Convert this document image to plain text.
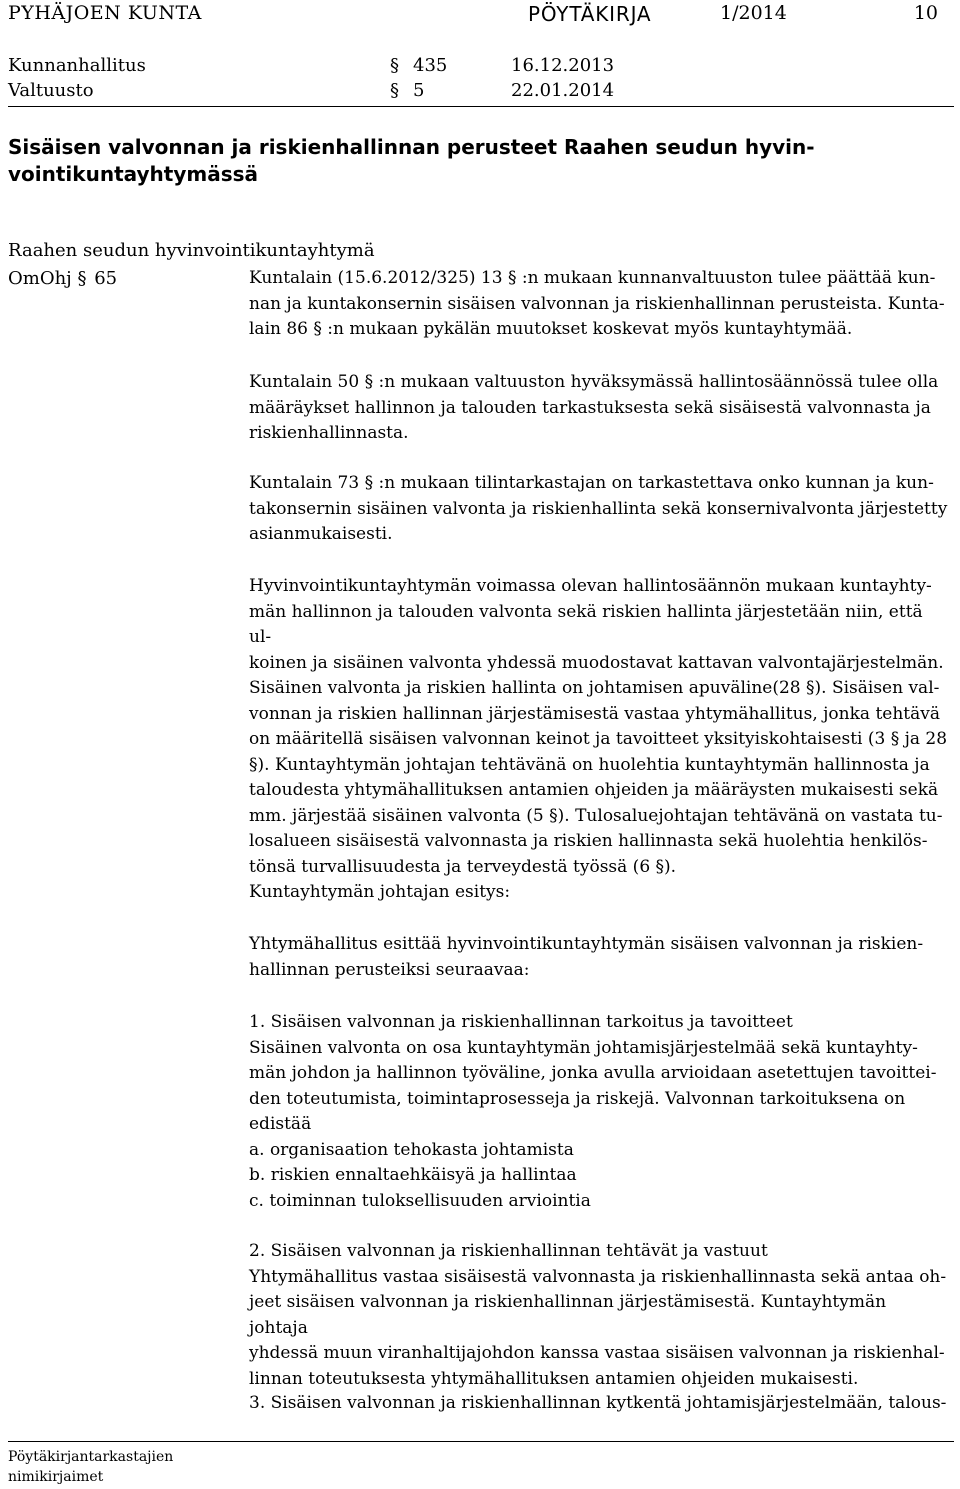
PYHÄJOEN KUNTA	PÖYTÄKIRJA	1/2014	10
Kunnanhallitus	§ 435	16.12.2013
Valtuusto	§ 5	22.01.2014
Sisäisen valvonnan ja riskienhallinnan perusteet Raahen seudun hyvin-
vointikuntayhtymässä
Raahen seudun hyvinvointikuntayhtymä
OmOhj § 65	Kuntalain (15.6.2012/325) 13 § :n mukaan kunnanvaltuuston tulee päättää kun-
nan ja kuntakonsernin sisäisen valvonnan ja riskienhallinnan perusteista. Kunta-
lain 86 § :n mukaan pykälän muutokset koskevat myös kuntayhtymää.

Kuntalain 50 § :n mukaan valtuuston hyväksymässä hallintosäännössä tulee olla
määräykset hallinnon ja talouden tarkastuksesta sekä sisäisestä valvonnasta ja
riskienhallinnasta.

Kuntalain 73 § :n mukaan tilintarkastajan on tarkastettava onko kunnan ja kun-
takonsernin sisäinen valvonta ja riskienhallinta sekä konsernivalvonta järjestetty
asianmukaisesti.

Hyvinvointikuntayhtymän voimassa olevan hallintosäännön mukaan kuntayhty-
män hallinnon ja talouden valvonta sekä riskien hallinta järjestetään niin, että ul-
koinen ja sisäinen valvonta yhdessä muodostavat kattavan valvontajärjestelmän.
Sisäinen valvonta ja riskien hallinta on johtamisen apuväline(28 §). Sisäisen val-
vonnan ja riskien hallinnan järjestämisestä vastaa yhtymähallitus, jonka tehtävä
on määritellä sisäisen valvonnan keinot ja tavoitteet yksityiskohtaisesti (3 § ja 28
§). Kuntayhtymän johtajan tehtävänä on huolehtia kuntayhtymän hallinnosta ja
taloudesta yhtymähallituksen antamien ohjeiden ja määräysten mukaisesti sekä
mm. järjestää sisäinen valvonta (5 §). Tulosaluejohtajan tehtävänä on vastata tu-
losalueen sisäisestä valvonnasta ja riskien hallinnasta sekä huolehtia henkilös-
tönsä turvallisuudesta ja terveydestä työssä (6 §).

Kuntayhtymän johtajan esitys:

Yhtymähallitus esittää hyvinvointikuntayhtymän sisäisen valvonnan ja riskien-
hallinnan perusteiksi seuraavaa:

1. Sisäisen valvonnan ja riskienhallinnan tarkoitus ja tavoitteet
Sisäinen valvonta on osa kuntayhtymän johtamisjärjestelmää sekä kuntayhty-
män johdon ja hallinnon työväline, jonka avulla arvioidaan asetettujen tavoittei-
den toteutumista, toimintaprosesseja ja riskejä. Valvonnan tarkoituksena on
edistää
a. organisaation tehokasta johtamista
b. riskien ennaltaehkäisyä ja hallintaa
c. toiminnan tuloksellisuuden arviointia

2. Sisäisen valvonnan ja riskienhallinnan tehtävät ja vastuut
Yhtymähallitus vastaa sisäisestä valvonnasta ja riskienhallinnasta sekä antaa oh-
jeet sisäisen valvonnan ja riskienhallinnan järjestämisestä. Kuntayhtymän johtaja
yhdessä muun viranhaltijajohdon kanssa vastaa sisäisen valvonnan ja riskienhal-
linnan toteutuksesta yhtymähallituksen antamien ohjeiden mukaisesti.

3. Sisäisen valvonnan ja riskienhallinnan kytkentä johtamisjärjestelmään, talous-

Pöytäkirjantarkastajien
nimikirjaimet
